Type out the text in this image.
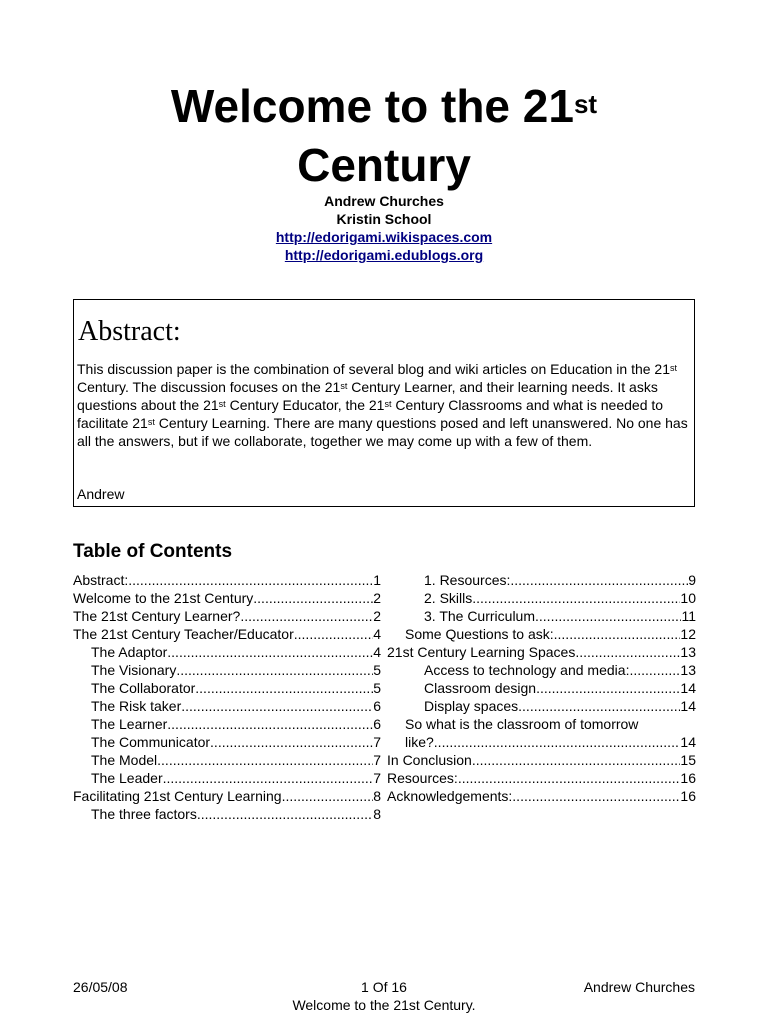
Welcome to the 21st
Century
Andrew Churches
Kristin School
http://edorigami.wikispaces.com
http://edorigami.edublogs.org
Abstract:
This discussion paper is the combination of several blog and wiki articles on Education in the 21st Century. The discussion focuses on the 21st Century Learner, and their learning needs. It asks questions about the 21st Century Educator, the 21st Century Classrooms and what is needed to facilitate 21st Century Learning. There are many questions posed and left unanswered. No one has all the answers, but if we collaborate, together we may come up with a few of them.
Andrew
Table of Contents
Abstract: .....	1
Welcome to the 21st Century .....	2
The 21st Century Learner? .....	2
The 21st Century Teacher/Educator .....	4
The Adaptor .....	4
The Visionary .....	5
The Collaborator .....	5
The Risk taker .....	6
The Learner .....	6
The Communicator .....	7
The Model .....	7
The Leader .....	7
Facilitating 21st Century Learning .....	8
The three factors .....	8
1. Resources: .....	9
2. Skills .....	10
3. The Curriculum .....	11
Some Questions to ask: .....	12
21st Century Learning Spaces .....	13
Access to technology and media: .....	13
Classroom design .....	14
Display spaces .....	14
So what is the classroom of tomorrow
like? .....	14
In Conclusion .....	15
Resources: .....	16
Acknowledgements: .....	16
26/05/08	1 Of 16	Andrew Churches
Welcome to the 21st Century.
